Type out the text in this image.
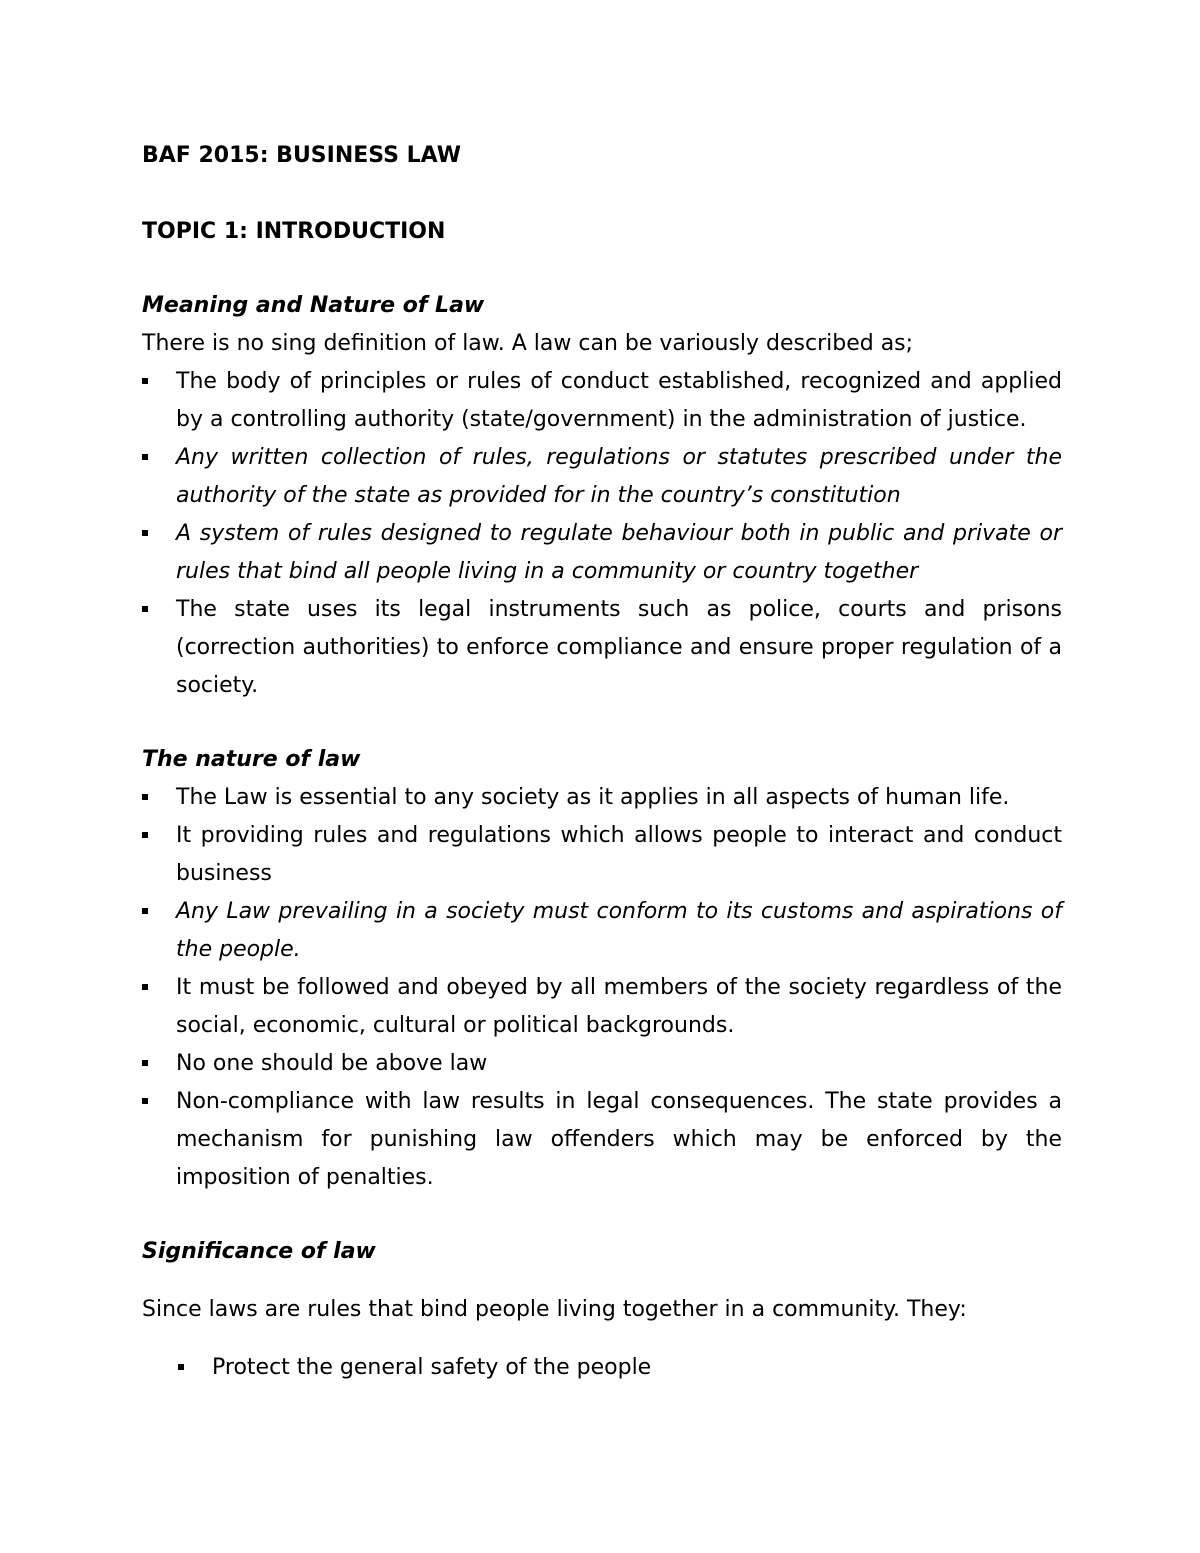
BAF 2015: BUSINESS LAW
TOPIC 1: INTRODUCTION
Meaning and Nature of Law

There is no sing definition of law. A law can be variously described as;

The body of principles or rules of conduct established, recognized and applied by a controlling authority (state/government) in the administration of justice.
Any written collection of rules, regulations or statutes prescribed under the authority of the state as provided for in the country’s constitution
A system of rules designed to regulate behaviour both in public and private or rules that bind all people living in a community or country together
The state uses its legal instruments such as police, courts and prisons (correction authorities) to enforce compliance and ensure proper regulation of a society.
The nature of law
The Law is essential to any society as it applies in all aspects of human life.
It providing rules and regulations which allows people to interact and conduct business
Any Law prevailing in a society must conform to its customs and aspirations of the people.
It must be followed and obeyed by all members of the society regardless of the social, economic, cultural or political backgrounds.
No one should be above law
Non-compliance with law results in legal consequences. The state provides a mechanism for punishing law offenders which may be enforced by the imposition of penalties.
Significance of law

Since laws are rules that bind people living together in a community. They:

Protect the general safety of the people
